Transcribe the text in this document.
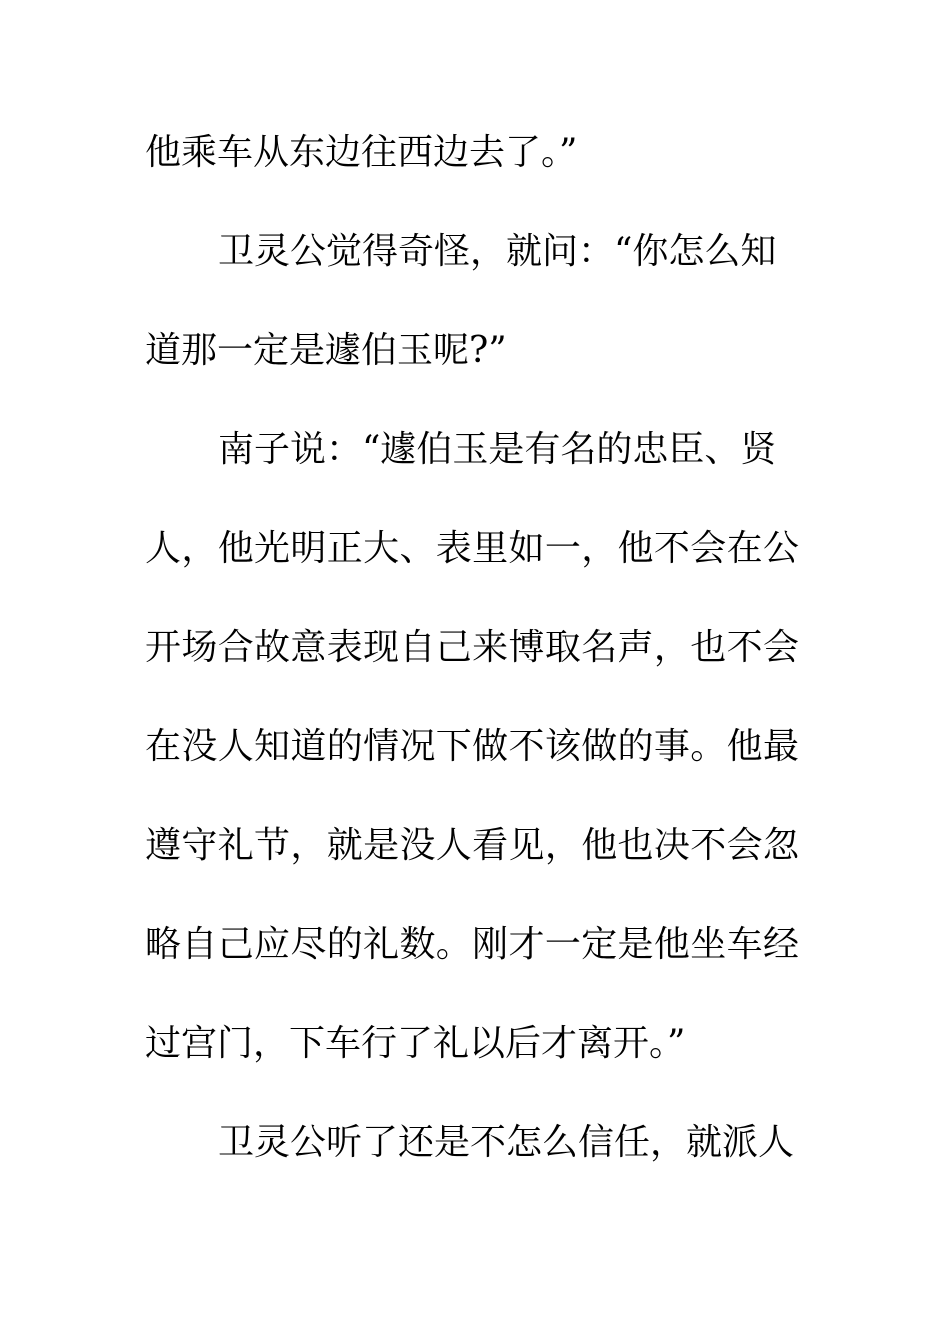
他乘车从东边往西边去了。”
卫灵公觉得奇怪，就问：“你怎么知
道那一定是遽伯玉呢?”
南子说：“遽伯玉是有名的忠臣、贤
人，他光明正大、表里如一，他不会在公
开场合故意表现自己来博取名声，也不会
在没人知道的情况下做不该做的事。他最
遵守礼节，就是没人看见，他也决不会忽
略自己应尽的礼数。刚才一定是他坐车经
过宫门，下车行了礼以后才离开。”
卫灵公听了还是不怎么信任，就派人
